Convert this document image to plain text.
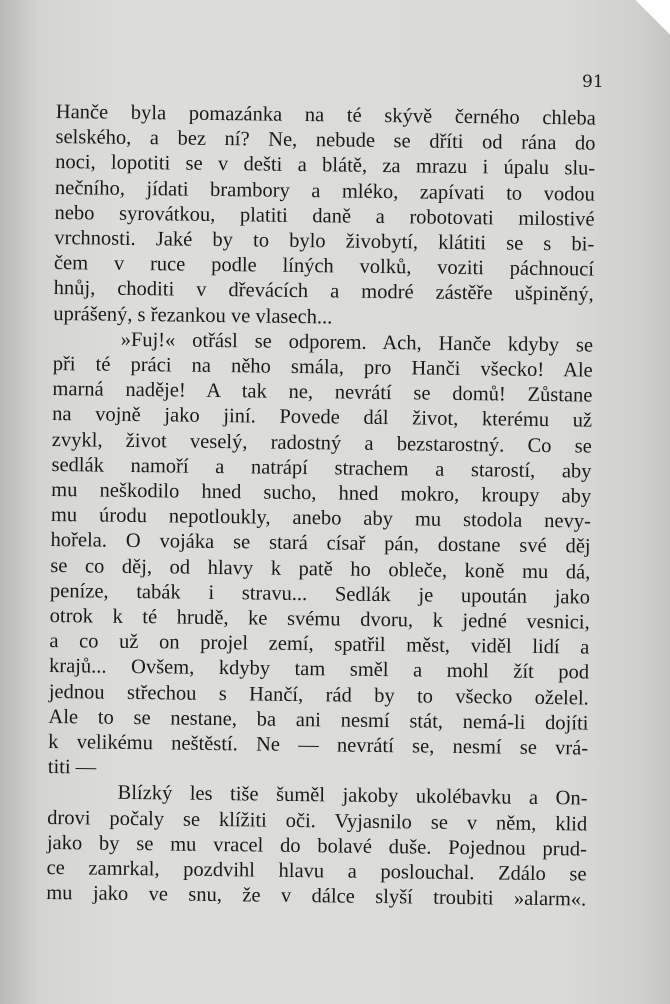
91

Hanče byla pomazánka na té skývě černého chleba
selského, a bez ní? Ne, nebude se dříti od rána do
noci, lopotiti se v dešti a blátě, za mrazu i úpalu slu-
nečního, jídati brambory a mléko, zapívati to vodou
nebo syrovátkou, platiti daně a robotovati milostivé
vrchnosti. Jaké by to bylo živobytí, klátiti se s bi-
čem v ruce podle líných volků, voziti páchnoucí
hnůj, choditi v dřevácích a modré zástěře ušpiněný,
uprášený, s řezankou ve vlasech...

»Fuj!« otřásl se odporem. Ach, Hanče kdyby se
při té práci na něho smála, pro Hanči všecko! Ale
marná naděje! A tak ne, nevrátí se domů! Zůstane
na vojně jako jiní. Povede dál život, kterému už
zvykl, život veselý, radostný a bezstarostný. Co se
sedlák namoří a natrápí strachem a starostí, aby
mu neškodilo hned sucho, hned mokro, kroupy aby
mu úrodu nepotloukly, anebo aby mu stodola nevy-
hořela. O vojáka se stará císař pán, dostane své děj
se co děj, od hlavy k patě ho obleče, koně mu dá,
peníze, tabák i stravu... Sedlák je upoután jako
otrok k té hrudě, ke svému dvoru, k jedné vesnici,
a co už on projel zemí, spatřil měst, viděl lidí a
krajů... Ovšem, kdyby tam směl a mohl žít pod
jednou střechou s Hančí, rád by to všecko oželel.
Ale to se nestane, ba ani nesmí stát, nemá-li dojíti
k velikému neštěstí. Ne — nevrátí se, nesmí se vrá-
titi —

Blízký les tiše šuměl jakoby ukolébavku a On-
drovi počaly se klížiti oči. Vyjasnilo se v něm, klid
jako by se mu vracel do bolavé duše. Pojednou prud-
ce zamrkal, pozdvihl hlavu a poslouchal. Zdálo se
mu jako ve snu, že v dálce slyší troubiti »alarm«.
